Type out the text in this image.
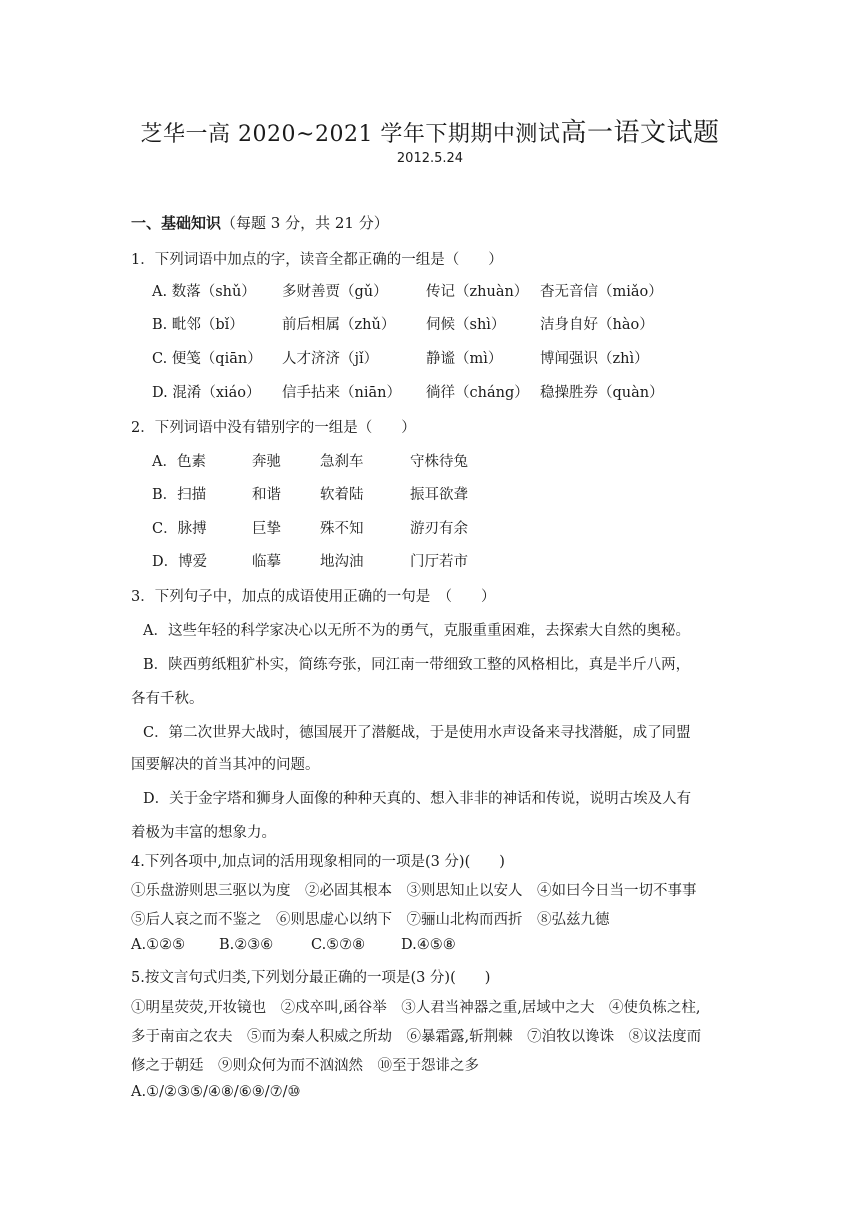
芝华一高 2020~2021 学年下期期中测试高一语文试题
2012.5.24
一、基础知识（每题 3 分，共 21 分）
1．下列词语中加点的字，读音全都正确的一组是（　　）
A. 数落（shǔ） 多财善贾（gǔ）	传记（zhuàn） 杳无音信（miǎo）
B. 毗邻（bǐ）	前后相属（zhǔ） 伺候（shì） 洁身自好（hào）
C. 便笺（qiān） 人才济济（jǐ）	静谧（mì）	博闻强识（zhì）
D. 混淆（xiáo） 信手拈来（niān） 徜徉（cháng） 稳操胜券（quàn）
2．下列词语中没有错别字的一组是（　　）
A．色素	奔驰	急刹车	守株待兔
B．扫描	和谐	软着陆	振耳欲聋
C．脉搏	巨挚	殊不知	游刃有余
D．博爱	临摹	地沟油	门厅若市
3．下列句子中，加点的成语使用正确的一句是　（　　）
A．这些年轻的科学家决心以无所不为的勇气，克服重重困难，去探索大自然的奥秘。
B．陕西剪纸粗犷朴实，简练夸张，同江南一带细致工整的风格相比，真是半斤八两，
各有千秋。
C．第二次世界大战时，德国展开了潜艇战，于是使用水声设备来寻找潜艇，成了同盟
国要解决的首当其冲的问题。
D．关于金字塔和狮身人面像的种种天真的、想入非非的神话和传说，说明古埃及人有
着极为丰富的想象力。
4.下列各项中,加点词的活用现象相同的一项是(3 分)(　　)
①乐盘游则思三驱以为度　②必固其根本　③则思知止以安人　④如曰今日当一切不事事
⑤后人哀之而不鉴之　⑥则思虚心以纳下　⑦骊山北构而西折　⑧弘兹九德
A.①②⑤ B.②③⑥	C.⑤⑦⑧ D.④⑤⑧
5.按文言句式归类,下列划分最正确的一项是(3 分)(　　)
①明星荧荧,开妆镜也　②戍卒叫,函谷举　③人君当神器之重,居域中之大　④使负栋之柱,
多于南亩之农夫　⑤而为秦人积威之所劫　⑥暴霜露,斩荆棘　⑦洎牧以谗诛　⑧议法度而
修之于朝廷　⑨则众何为而不汹汹然　⑩至于怨诽之多
A.①/②③⑤/④⑧/⑥⑨/⑦/⑩
